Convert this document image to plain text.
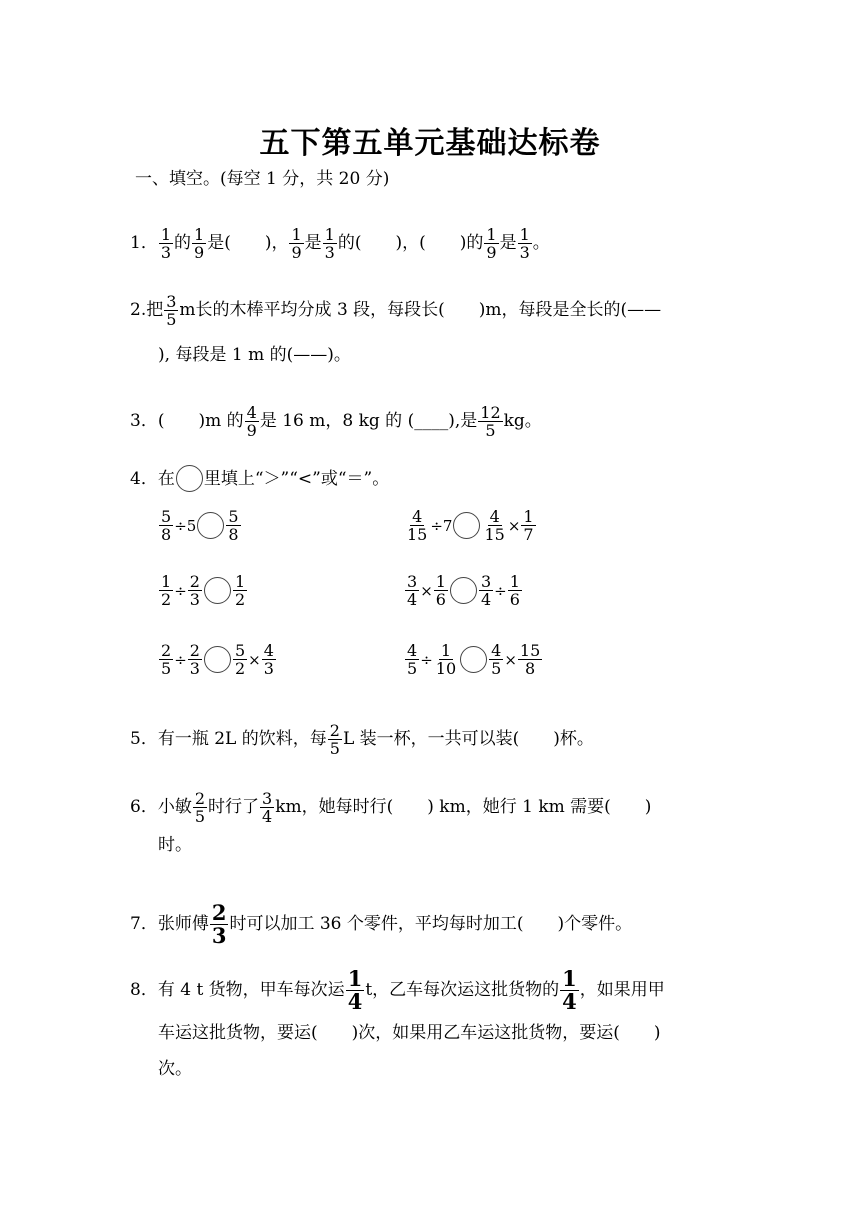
五下第五单元基础达标卷
一、填空。(每空 1 分，共 20 分)
1． $\frac{1}{3}$ 的 $\frac{1}{9}$ 是(　　)， $\frac{1}{9}$ 是 $\frac{1}{3}$ 的(　　)，(　　)的 $\frac{1}{9}$ 是 $\frac{1}{3}$ 。
2.把 $\frac{3}{5}$ m长的木棒平均分成 3 段，每段长(　　)m，每段是全长的(——
), 每段是 1 m 的(——)。
3．(　　)m 的 $\frac{4}{9}$ 是 16 m，8 kg 的 (____),是 $\frac{12}{5}$ kg。
4． 在 里填上“＞”“<”或“＝”。
$\frac{5}{8} \div 5 \frac{5}{8}$	$\frac{4}{15} \div 7 \frac{4}{15} \times \frac{1}{7}$
$\frac{1}{2} \div \frac{2}{3} \frac{1}{2}$	$\frac{3}{4} \times \frac{1}{6} \frac{3}{4} \div \frac{1}{6}$
$\frac{2}{5} \div \frac{2}{3} \frac{5}{2} \times \frac{4}{3}$	$\frac{4}{5} \div \frac{1}{10} \frac{4}{5} \times \frac{15}{8}$
5．有一瓶 2L 的饮料，每 $\frac{2}{5}$ L 装一杯，一共可以装(　　)杯。
6．小敏 $\frac{2}{5}$ 时行了 $\frac{3}{4}$ km，她每时行(　　) km，她行 1 km 需要(　　)
时。
7．张师傅 $\frac{2}{3}$ 时可以加工 36 个零件，平均每时加工(　　)个零件。
8．有 4 t 货物，甲车每次运 $\frac{1}{4}$ t，乙车每次运这批货物的 $\frac{1}{4}$ ，如果用甲
车运这批货物，要运(　　)次，如果用乙车运这批货物，要运(　　)
次。
